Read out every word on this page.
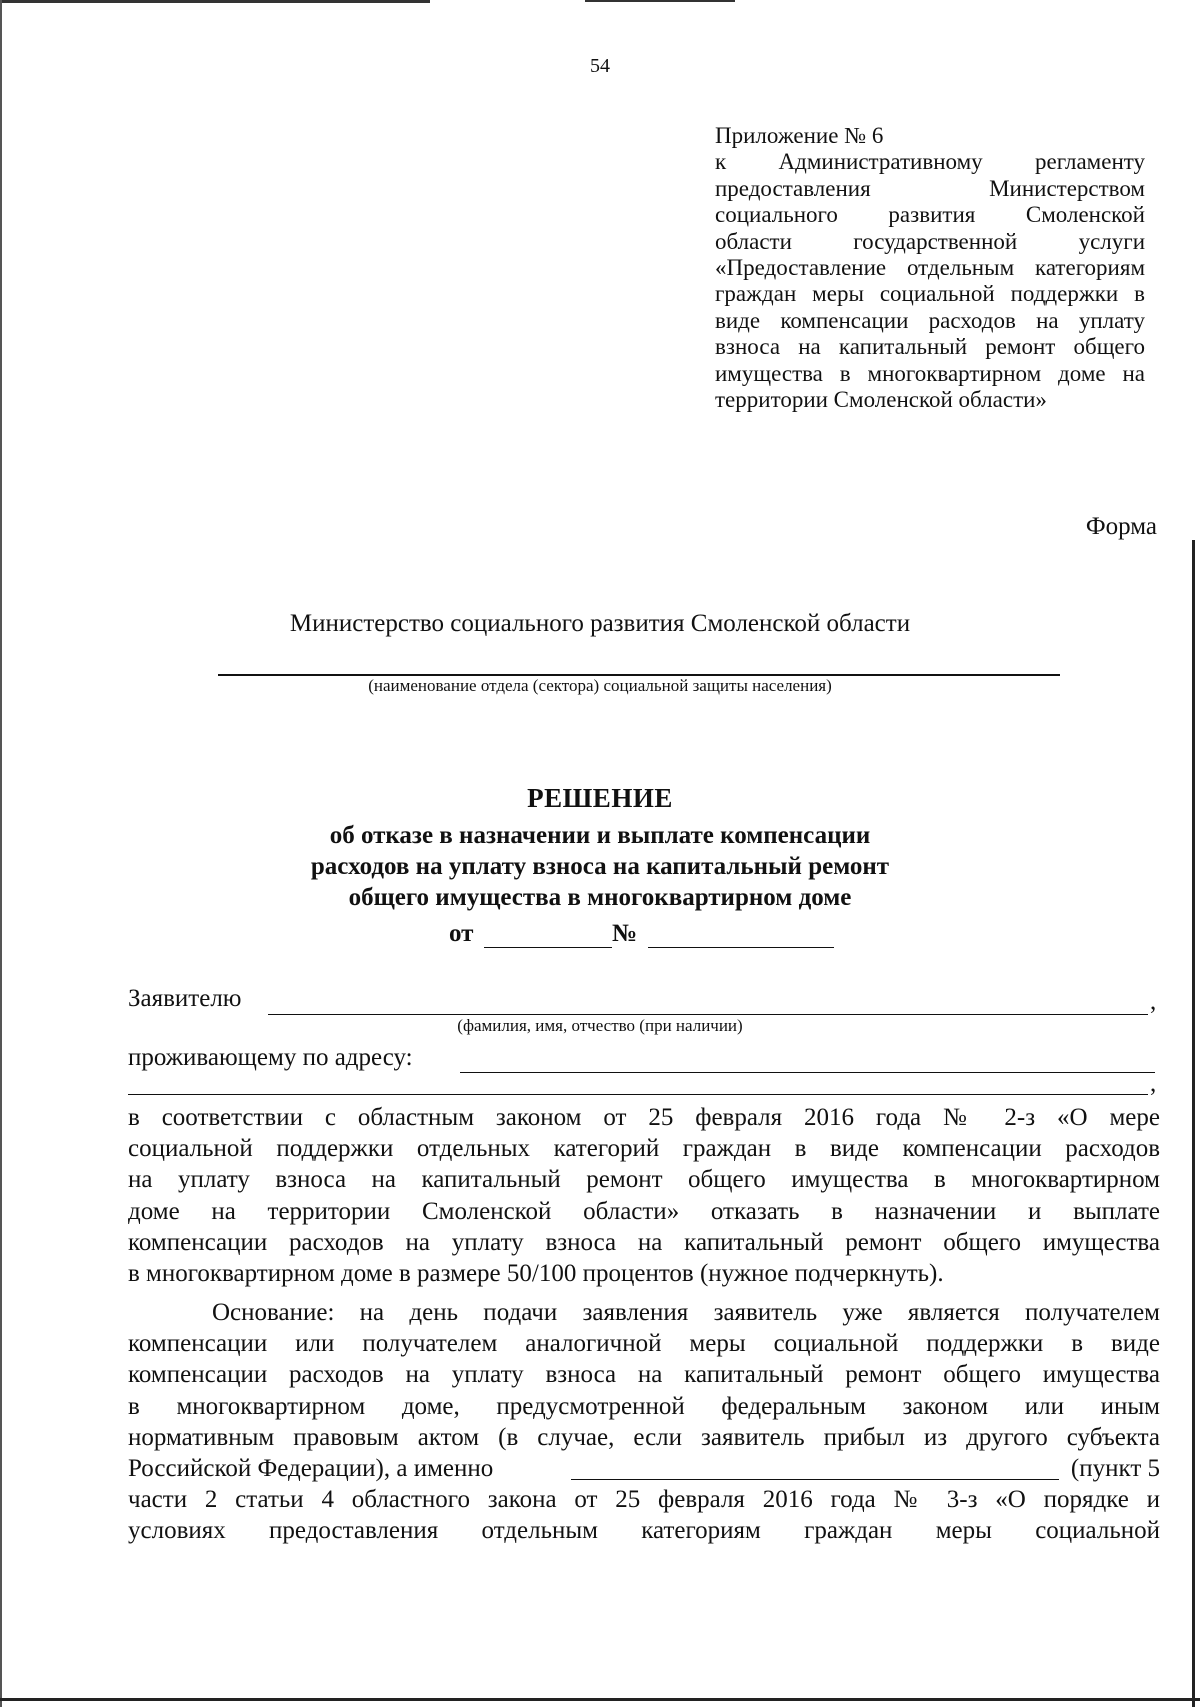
54
Приложение № 6
к Административному регламенту
предоставления Министерством
социального развития Смоленской
области государственной услуги
«Предоставление отдельным категориям
граждан меры социальной поддержки в
виде компенсации расходов на уплату
взноса на капитальный ремонт общего
имущества в многоквартирном доме на
территории Смоленской области»
Форма
Министерство социального развития Смоленской области
(наименование отдела (сектора) социальной защиты населения)
РЕШЕНИЕ
об отказе в назначении и выплате компенсации
расходов на уплату взноса на капитальный ремонт
общего имущества в многоквартирном доме
от	№
Заявителю	,
(фамилия, имя, отчество (при наличии)
проживающему по адресу:
,
в соответствии с областным законом от 25 февраля 2016 года № 2-з «О мере
социальной поддержки отдельных категорий граждан в виде компенсации расходов
на уплату взноса на капитальный ремонт общего имущества в многоквартирном
доме на территории Смоленской области» отказать в назначении и выплате
компенсации расходов на уплату взноса на капитальный ремонт общего имущества
в многоквартирном доме в размере 50/100 процентов (нужное подчеркнуть).
Основание: на день подачи заявления заявитель уже является получателем
компенсации или получателем аналогичной меры социальной поддержки в виде
компенсации расходов на уплату взноса на капитальный ремонт общего имущества
в многоквартирном доме, предусмотренной федеральным законом или иным
нормативным правовым актом (в случае, если заявитель прибыл из другого субъекта
Российской Федерации), а именно	(пункт 5
части 2 статьи 4 областного закона от 25 февраля 2016 года № 3-з «О порядке и
условиях предоставления отдельным категориям граждан меры социальной
